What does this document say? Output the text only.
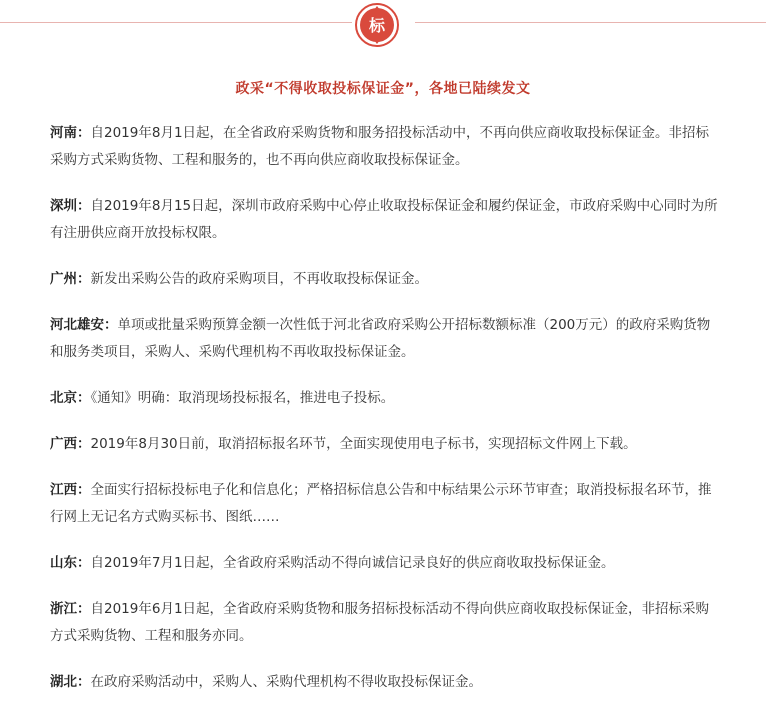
标
政采“不得收取投标保证金”，各地已陆续发文

河南：自2019年8月1日起，在全省政府采购货物和服务招投标活动中，不再向供应商收取投标保证金。非招标采购方式采购货物、工程和服务的，也不再向供应商收取投标保证金。

深圳：自2019年8月15日起，深圳市政府采购中心停止收取投标保证金和履约保证金，市政府采购中心同时为所有注册供应商开放投标权限。

广州：新发出采购公告的政府采购项目，不再收取投标保证金。

河北雄安：单项或批量采购预算金额一次性低于河北省政府采购公开招标数额标准（200万元）的政府采购货物和服务类项目，采购人、采购代理机构不再收取投标保证金。

北京：《通知》明确：取消现场投标报名，推进电子投标。

广西：2019年8月30日前，取消招标报名环节，全面实现使用电子标书，实现招标文件网上下载。

江西：全面实行招标投标电子化和信息化；严格招标信息公告和中标结果公示环节审查；取消投标报名环节，推行网上无记名方式购买标书、图纸……

山东：自2019年7月1日起，全省政府采购活动不得向诚信记录良好的供应商收取投标保证金。

浙江：自2019年6月1日起，全省政府采购货物和服务招标投标活动不得向供应商收取投标保证金，非招标采购方式采购货物、工程和服务亦同。

湖北：在政府采购活动中，采购人、采购代理机构不得收取投标保证金。
